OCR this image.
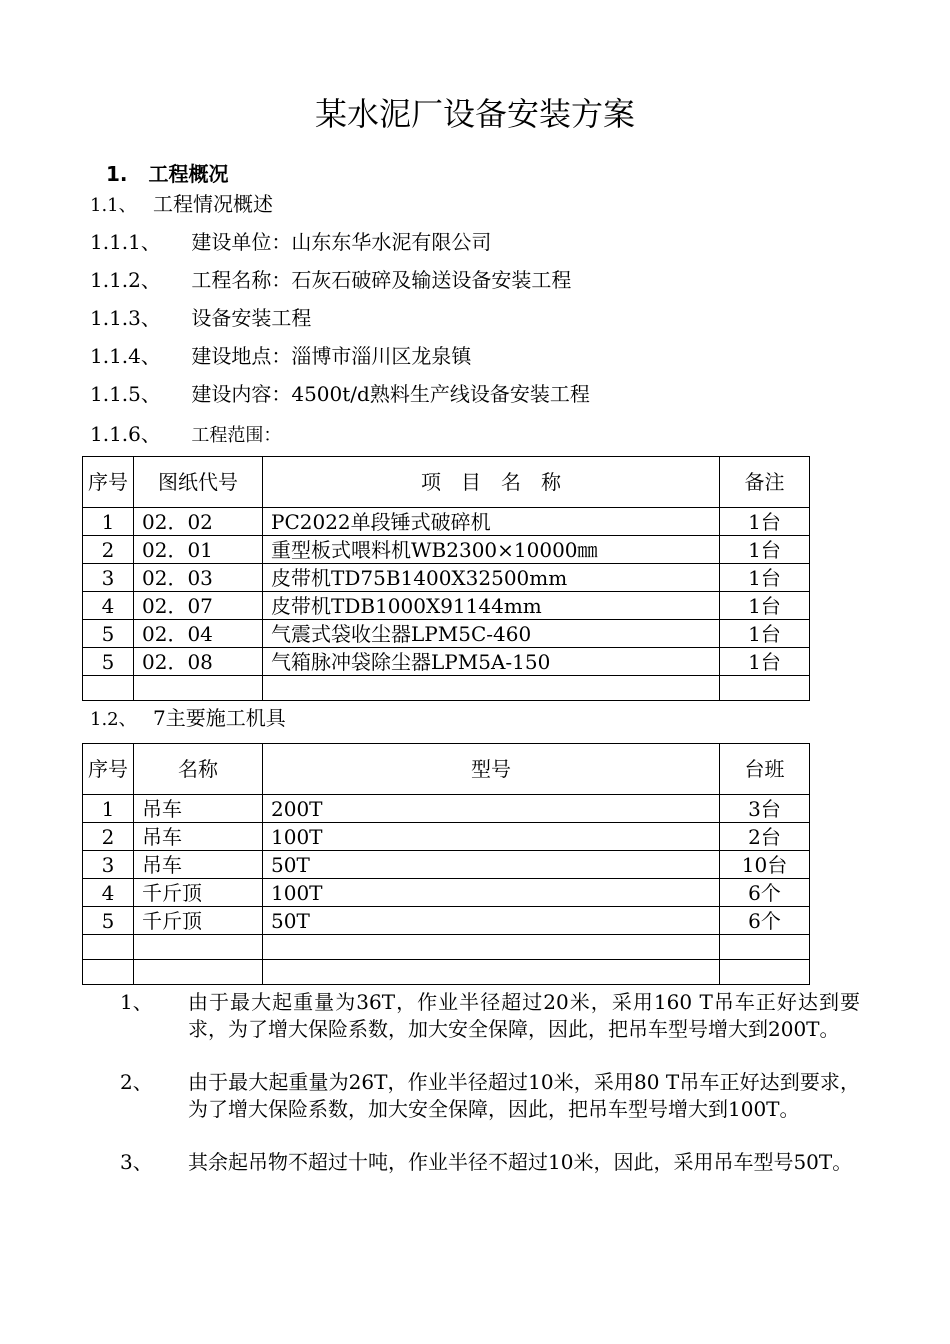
某水泥厂设备安装方案
1. 工程概况
1.1、 工程情况概述
1.1.1、 建设单位：山东东华水泥有限公司
1.1.2、 工程名称：石灰石破碎及输送设备安装工程
1.1.3、 设备安装工程
1.1.4、 建设地点：淄博市淄川区龙泉镇
1.1.5、 建设内容：4500t/d熟料生产线设备安装工程
1.1.6、 工程范围：
序号	图纸代号	项　目　名　称	备注
1	02．02	PC2022单段锤式破碎机	1台
2	02．01	重型板式喂料机WB2300×10000㎜	1台
3	02．03	皮带机TD75B1400Ⅹ32500mm	1台
4	02．07	皮带机TDB1000Ⅹ91144mm	1台
5	02．04	气震式袋收尘器LPM5C-460	1台
5	02．08	气箱脉冲袋除尘器LPM5A-150	1台

1.2、 7主要施工机具
序号	名称	型号	台班
1	吊车	200T	3台
2	吊车	100T	2台
3	吊车	50T	10台
4	千斤顶	100T	6个
5	千斤顶	50T	6个

1、	由于最大起重量为36T，作业半径超过20米，采用160 T吊车正好达到要求，为了增大保险系数，加大安全保障，因此，把吊车型号增大到200T。
2、	由于最大起重量为26T，作业半径超过10米，采用80 T吊车正好达到要求，为了增大保险系数，加大安全保障，因此，把吊车型号增大到100T。
3、	其余起吊物不超过十吨，作业半径不超过10米，因此，采用吊车型号50T。
